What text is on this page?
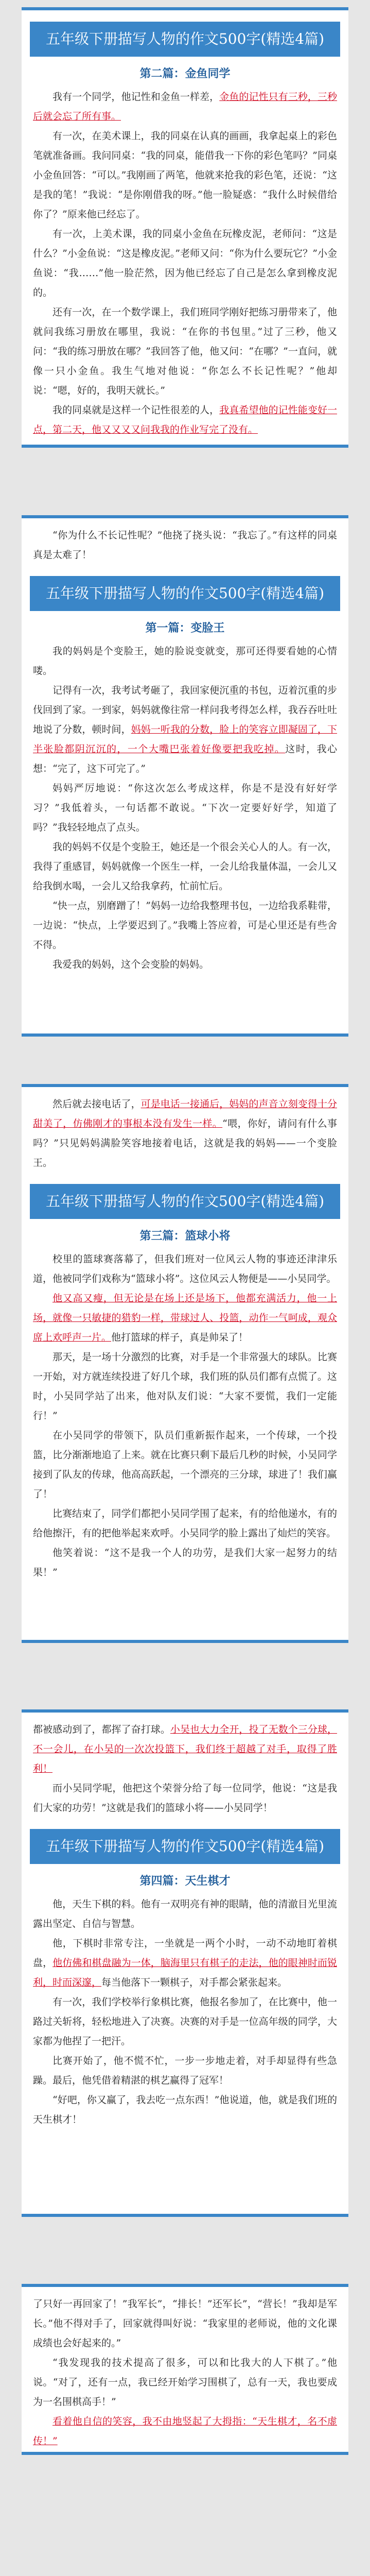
五年级下册描写人物的作文500字(精选4篇)
第二篇：金鱼同学

我有一个同学，他记性和金鱼一样差，金鱼的记性只有三秒，三秒后就会忘了所有事。

有一次，在美术课上，我的同桌在认真的画画，我拿起桌上的彩色笔就准备画。我问同桌：“我的同桌，能借我一下你的彩色笔吗？”同桌小金鱼回答：“可以。”我刚画了两笔，他就来抢我的彩色笔，还说：“这是我的笔！”我说：“是你刚借我的呀。”他一脸疑惑：“我什么时候借给你了？”原来他已经忘了。

有一次，上美术课，我的同桌小金鱼在玩橡皮泥，老师问：“这是什么？”小金鱼说：“这是橡皮泥。”老师又问：“你为什么要玩它？”小金鱼说：“我……”他一脸茫然，因为他已经忘了自己是怎么拿到橡皮泥的。

还有一次，在一个数学课上，我们班同学刚好把练习册带来了，他就问我练习册放在哪里，我说：“在你的书包里。”过了三秒，他又问：“我的练习册放在哪？”我回答了他，他又问：“在哪？”一直问，就像一只小金鱼。我生气地对他说：“你怎么不长记性呢？”他却说：“嗯，好的，我明天就长。”

我的同桌就是这样一个记性很差的人，我真希望他的记性能变好一点，第二天，他又又又又问我我的作业写完了没有。

“你为什么不长记性呢？”他挠了挠头说：“我忘了。”有这样的同桌真是太难了！

五年级下册描写人物的作文500字(精选4篇)
第一篇：变脸王

我的妈妈是个变脸王，她的脸说变就变，那可还得要看她的心情喽。

记得有一次，我考试考砸了，我回家便沉重的书包，迈着沉重的步伐回到了家。一到家，妈妈就像往常一样问我考得怎么样，我吞吞吐吐地说了分数，顿时间，妈妈一听我的分数，脸上的笑容立即凝固了，下半张脸都阴沉沉的，一个大嘴巴张着好像要把我吃掉。这时，我心想：“完了，这下可完了。”

妈妈严厉地说：“你这次怎么考成这样，你是不是没有好好学习？”我低着头，一句话都不敢说。“下次一定要好好学，知道了吗？”我轻轻地点了点头。

我的妈妈不仅是个变脸王，她还是一个很会关心人的人。有一次，我得了重感冒，妈妈就像一个医生一样，一会儿给我量体温，一会儿又给我倒水喝，一会儿又给我拿药，忙前忙后。

“快一点，别磨蹭了！”妈妈一边给我整理书包，一边给我系鞋带，一边说：“快点，上学要迟到了。”我嘴上答应着，可是心里还是有些舍不得。

我爱我的妈妈，这个会变脸的妈妈。

然后就去接电话了，可是电话一接通后，妈妈的声音立刻变得十分甜美了，仿佛刚才的事根本没有发生一样。“喂，你好，请问有什么事吗？”只见妈妈满脸笑容地接着电话，这就是我的妈妈——一个变脸王。

五年级下册描写人物的作文500字(精选4篇)
第三篇：篮球小将

校里的篮球赛落幕了，但我们班对一位风云人物的事迹还津津乐道，他被同学们戏称为“篮球小将”。这位风云人物便是——小吴同学。

他又高又瘦，但无论是在场上还是场下，他都充满活力，他一上场，就像一只敏捷的猎豹一样，带球过人、投篮，动作一气呵成，观众席上欢呼声一片。他打篮球的样子，真是帅呆了！

那天，是一场十分激烈的比赛，对手是一个非常强大的球队。比赛一开始，对方就连续投进了好几个球，我们班的队员们都有点慌了。这时，小吴同学站了出来，他对队友们说：“大家不要慌，我们一定能行！”

在小吴同学的带领下，队员们重新振作起来，一个传球，一个投篮，比分渐渐地追了上来。就在比赛只剩下最后几秒的时候，小吴同学接到了队友的传球，他高高跃起，一个漂亮的三分球，球进了！我们赢了！

比赛结束了，同学们都把小吴同学围了起来，有的给他递水，有的给他擦汗，有的把他举起来欢呼。小吴同学的脸上露出了灿烂的笑容。

他笑着说：“这不是我一个人的功劳，是我们大家一起努力的结果！”

都被感动到了，都挥了奋打球。小吴也大力全开，投了无数个三分球，不一会儿，在小吴的一次次投篮下，我们终于超越了对手，取得了胜利！

而小吴同学呢，他把这个荣誉分给了每一位同学，他说：“这是我们大家的功劳！”这就是我们的篮球小将——小吴同学！

五年级下册描写人物的作文500字(精选4篇)
第四篇：天生棋才

他，天生下棋的料。他有一双明亮有神的眼睛，他的清澈目光里流露出坚定、自信与智慧。

他，下棋时非常专注，一坐就是一两个小时，一动不动地盯着棋盘，他仿佛和棋盘融为一体，脑海里只有棋子的走法，他的眼神时而锐利，时而深邃，每当他落下一颗棋子，对手都会紧张起来。

有一次，我们学校举行象棋比赛，他报名参加了，在比赛中，他一路过关斩将，轻松地进入了决赛。决赛的对手是一位高年级的同学，大家都为他捏了一把汗。

比赛开始了，他不慌不忙，一步一步地走着，对手却显得有些急躁。最后，他凭借着精湛的棋艺赢得了冠军！

“好吧，你又赢了，我去吃一点东西！”他说道，他，就是我们班的天生棋才！

了只好一再回家了！”我军长”，“排长！”还军长”，“营长！”我却是军长。”他不得对手了，回家就得叫好说：“我家里的老师说，他的文化课成绩也会好起来的。”

“我发现我的技术提高了很多，可以和比我大的人下棋了。”他说。“对了，还有一点，我已经开始学习围棋了，总有一天，我也要成为一名围棋高手！”

看着他自信的笑容，我不由地竖起了大拇指：“天生棋才，名不虚传！”
